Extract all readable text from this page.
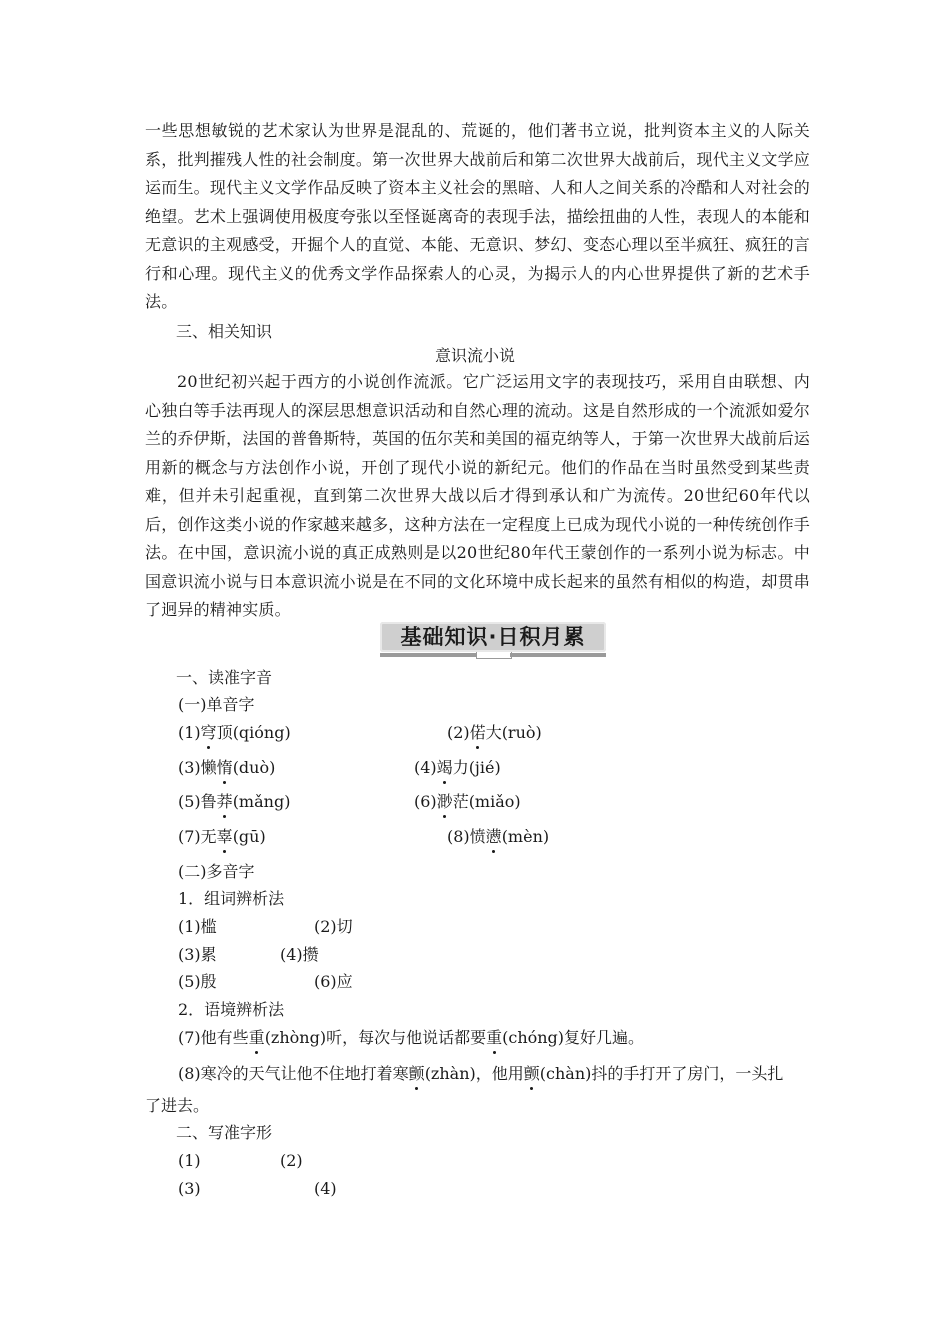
一些思想敏锐的艺术家认为世界是混乱的、荒诞的，他们著书立说，批判资本主义的人际关系，批判摧残人性的社会制度。第一次世界大战前后和第二次世界大战前后，现代主义文学应运而生。现代主义文学作品反映了资本主义社会的黑暗、人和人之间关系的冷酷和人对社会的绝望。艺术上强调使用极度夸张以至怪诞离奇的表现手法，描绘扭曲的人性，表现人的本能和无意识的主观感受，开掘个人的直觉、本能、无意识、梦幻、变态心理以至半疯狂、疯狂的言行和心理。现代主义的优秀文学作品探索人的心灵，为揭示人的内心世界提供了新的艺术手法。
三、相关知识
意识流小说
20世纪初兴起于西方的小说创作流派。它广泛运用文字的表现技巧，采用自由联想、内心独白等手法再现人的深层思想意识活动和自然心理的流动。这是自然形成的一个流派如爱尔兰的乔伊斯，法国的普鲁斯特，英国的伍尔芙和美国的福克纳等人，于第一次世界大战前后运用新的概念与方法创作小说，开创了现代小说的新纪元。他们的作品在当时虽然受到某些责难，但并未引起重视，直到第二次世界大战以后才得到承认和广为流传。20世纪60年代以后，创作这类小说的作家越来越多，这种方法在一定程度上已成为现代小说的一种传统创作手法。在中国，意识流小说的真正成熟则是以20世纪80年代王蒙创作的一系列小说为标志。中国意识流小说与日本意识流小说是在不同的文化环境中成长起来的虽然有相似的构造，却贯串了迥异的精神实质。
基础知识·日积月累
一、读准字音
(一)单音字
(1)穹顶(qióng)	(2)偌大(ruò)
(3)懒惰(duò)	(4)竭力(jié)
(5)鲁莽(mǎng)	(6)渺茫(miǎo)
(7)无辜(gū)	(8)愤懑(mèn)
(二)多音字
1．组词辨析法
(1)槛	(2)切
(3)累	(4)攒
(5)殷	(6)应
2．语境辨析法
(7)他有些重(zhòng)听，每次与他说话都要重(chóng)复好几遍。
(8)寒冷的天气让他不住地打着寒颤(zhàn)，他用颤(chàn)抖的手打开了房门，一头扎
了进去。
二、写准字形
(1)	(2)
(3)	(4)
